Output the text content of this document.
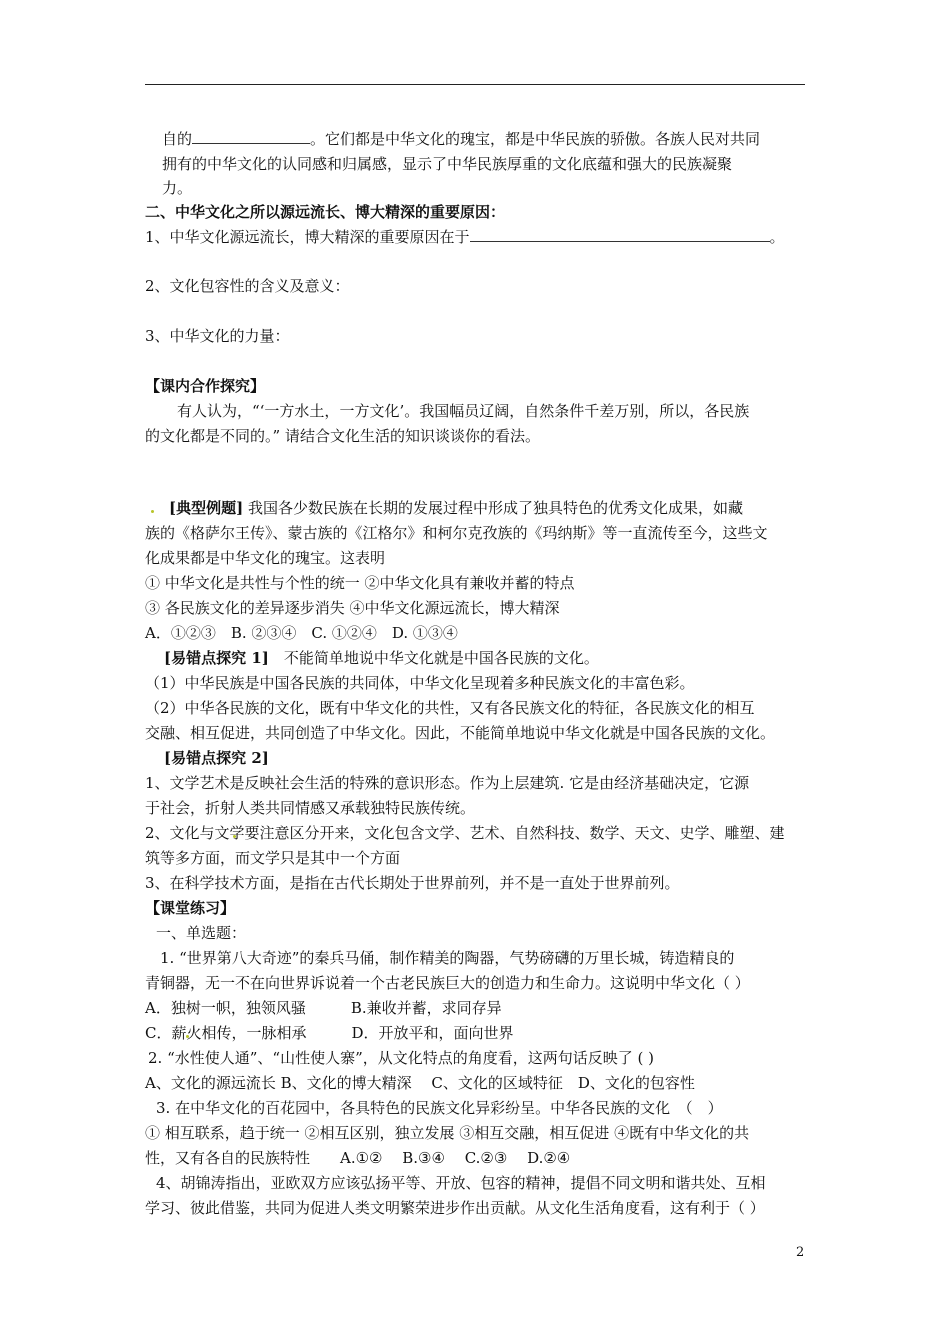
自的	。它们都是中华文化的瑰宝，都是中华民族的骄傲。各族人民对共同
拥有的中华文化的认同感和归属感，显示了中华民族厚重的文化底蕴和强大的民族凝聚
力。
二、中华文化之所以源远流长、博大精深的重要原因：
1、中华文化源远流长，博大精深的重要原因在于	。
2、文化包容性的含义及意义：
3、中华文化的力量：
【课内合作探究】
有人认为，“‘一方水土，一方文化’。我国幅员辽阔，自然条件千差万别，所以，各民族
的文化都是不同的。” 请结合文化生活的知识谈谈你的看法。
[典型例题] 我国各少数民族在长期的发展过程中形成了独具特色的优秀文化成果，如藏
族的《格萨尔王传》、蒙古族的《江格尔》和柯尔克孜族的《玛纳斯》等一直流传至今，这些文
化成果都是中华文化的瑰宝。这表明
① 中华文化是共性与个性的统一 ②中华文化具有兼收并蓄的特点
③ 各民族文化的差异逐步消失 ④中华文化源远流长，博大精深
A．①②③　B. ②③④　C. ①②④　D. ①③④
[易错点探究 1]　不能简单地说中华文化就是中国各民族的文化。
（1）中华民族是中国各民族的共同体，中华文化呈现着多种民族文化的丰富色彩。
（2）中华各民族的文化，既有中华文化的共性，又有各民族文化的特征，各民族文化的相互
交融、相互促进，共同创造了中华文化。因此，不能简单地说中华文化就是中国各民族的文化。
[易错点探究 2]
1、文学艺术是反映社会生活的特殊的意识形态。作为上层建筑. 它是由经济基础决定，它源
于社会，折射人类共同情感又承载独特民族传统。
2、文化与文学要注意区分开来，文化包含文学、艺术、自然科技、数学、天文、史学、雕塑、建
筑等多方面，而文学只是其中一个方面
3、在科学技术方面，是指在古代长期处于世界前列，并不是一直处于世界前列。
【课堂练习】
一、单选题：
1. “世界第八大奇迹”的秦兵马俑，制作精美的陶器，气势磅礴的万里长城，铸造精良的
青铜器，无一不在向世界诉说着一个古老民族巨大的创造力和生命力。这说明中华文化（ ）
A．独树一帜，独领风骚　　　B.兼收并蓄，求同存异
C．薪火相传，一脉相承　　　D．开放平和，面向世界
2. “水性使人通”、“山性使人寨”，从文化特点的角度看，这两句话反映了 ( )
A、文化的源远流长 B、文化的博大精深　 C、文化的区域特征　D、文化的包容性
3. 在中华文化的百花园中，各具特色的民族文化异彩纷呈。中华各民族的文化　（　）
① 相互联系，趋于统一 ②相互区别，独立发展 ③相互交融，相互促进 ④既有中华文化的共
性，又有各自的民族特性　　A.①②　 B.③④　 C.②③　 D.②④
4、胡锦涛指出，亚欧双方应该弘扬平等、开放、包容的精神，提倡不同文明和谐共处、互相
学习、彼此借鉴，共同为促进人类文明繁荣进步作出贡献。从文化生活角度看，这有利于（ ）
2
